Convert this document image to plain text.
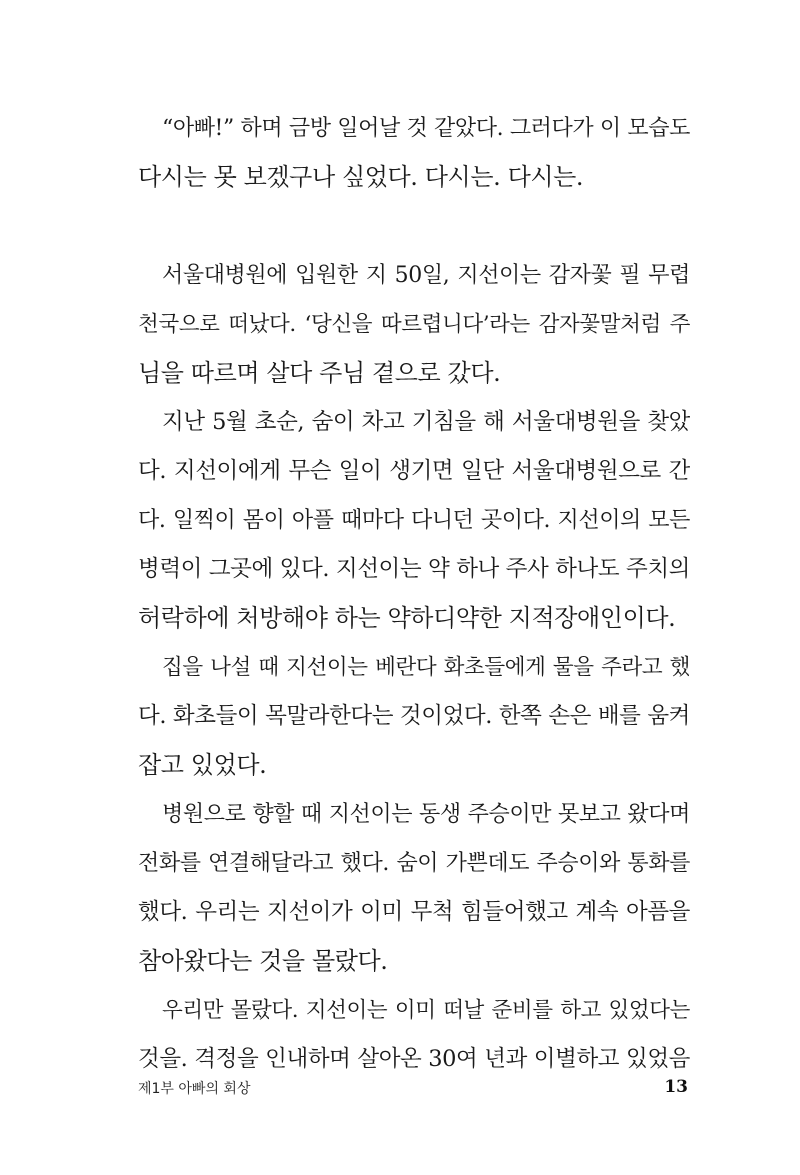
“아빠!” 하며 금방 일어날 것 같았다. 그러다가 이 모습도
다시는 못 보겠구나 싶었다. 다시는. 다시는.
서울대병원에 입원한 지 50일, 지선이는 감자꽃 필 무렵
천국으로 떠났다. ‘당신을 따르렵니다’라는 감자꽃말처럼 주
님을 따르며 살다 주님 곁으로 갔다.
지난 5월 초순, 숨이 차고 기침을 해 서울대병원을 찾았
다. 지선이에게 무슨 일이 생기면 일단 서울대병원으로 간
다. 일찍이 몸이 아플 때마다 다니던 곳이다. 지선이의 모든
병력이 그곳에 있다. 지선이는 약 하나 주사 하나도 주치의
허락하에 처방해야 하는 약하디약한 지적장애인이다.
집을 나설 때 지선이는 베란다 화초들에게 물을 주라고 했
다. 화초들이 목말라한다는 것이었다. 한쪽 손은 배를 움켜
잡고 있었다.
병원으로 향할 때 지선이는 동생 주승이만 못보고 왔다며
전화를 연결해달라고 했다. 숨이 가쁜데도 주승이와 통화를
했다. 우리는 지선이가 이미 무척 힘들어했고 계속 아픔을
참아왔다는 것을 몰랐다.
우리만 몰랐다. 지선이는 이미 떠날 준비를 하고 있었다는
것을. 격정을 인내하며 살아온 30여 년과 이별하고 있었음
제1부 아빠의 회상	13
